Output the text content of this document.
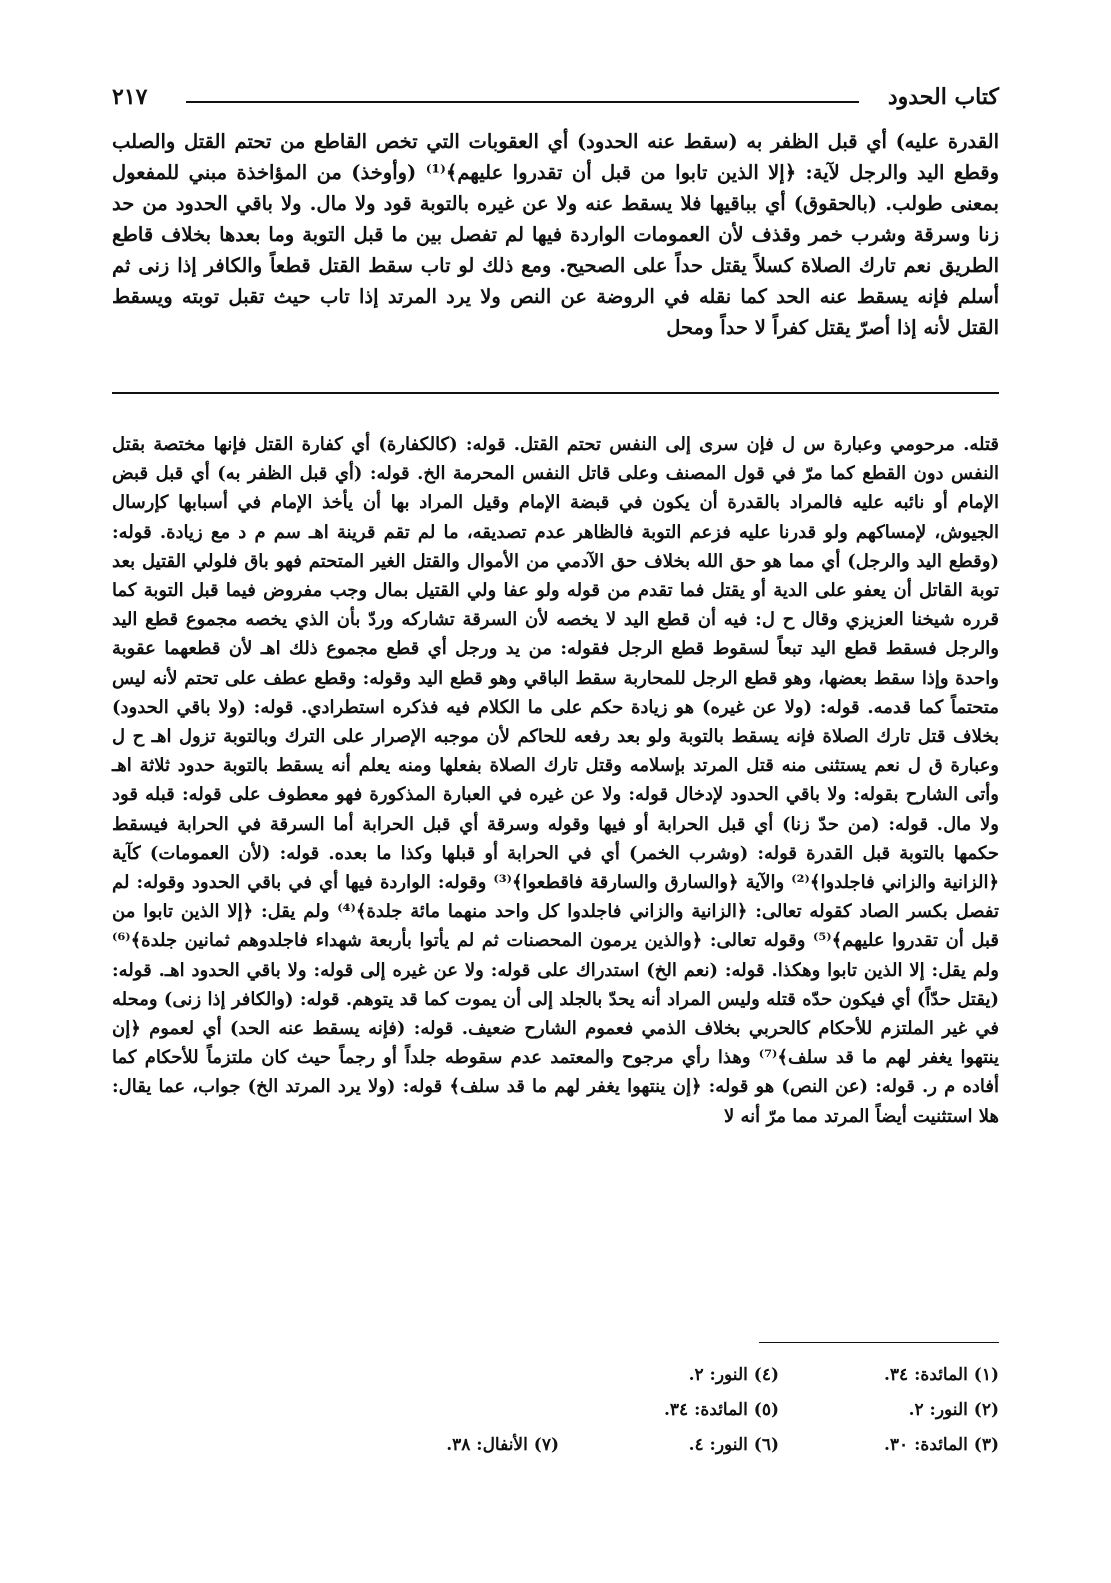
كتاب الحدود
٢١٧

القدرة عليه) أي قبل الظفر به (سقط عنه الحدود) أي العقوبات التي تخص القاطع من تحتم القتل والصلب وقطع اليد والرجل لآية: ﴿إلا الذين تابوا من قبل أن تقدروا عليهم﴾⁽¹⁾ (وأوخذ) من المؤاخذة مبني للمفعول بمعنى طولب. (بالحقوق) أي بباقيها فلا يسقط عنه ولا عن غيره بالتوبة قود ولا مال. ولا باقي الحدود من حد زنا وسرقة وشرب خمر وقذف لأن العمومات الواردة فيها لم تفصل بين ما قبل التوبة وما بعدها بخلاف قاطع الطريق نعم تارك الصلاة كسلاً يقتل حداً على الصحيح. ومع ذلك لو تاب سقط القتل قطعاً والكافر إذا زنى ثم أسلم فإنه يسقط عنه الحد كما نقله في الروضة عن النص ولا يرد المرتد إذا تاب حيث تقبل توبته ويسقط القتل لأنه إذا أصرّ يقتل كفراً لا حداً ومحل

قتله. مرحومي وعبارة س ل فإن سرى إلى النفس تحتم القتل. قوله: (كالكفارة) أي كفارة القتل فإنها مختصة بقتل النفس دون القطع كما مرّ في قول المصنف وعلى قاتل النفس المحرمة الخ. قوله: (أي قبل الظفر به) أي قبل قبض الإمام أو نائبه عليه فالمراد بالقدرة أن يكون في قبضة الإمام وقيل المراد بها أن يأخذ الإمام في أسبابها كإرسال الجيوش، لإمساكهم ولو قدرنا عليه فزعم التوبة فالظاهر عدم تصديقه، ما لم تقم قرينة اهـ سم م د مع زيادة. قوله: (وقطع اليد والرجل) أي مما هو حق الله بخلاف حق الآدمي من الأموال والقتل الغير المتحتم فهو باق فلولي القتيل بعد توبة القاتل أن يعفو على الدية أو يقتل فما تقدم من قوله ولو عفا ولي القتيل بمال وجب مفروض فيما قبل التوبة كما قرره شيخنا العزيزي وقال ح ل: فيه أن قطع اليد لا يخصه لأن السرقة تشاركه وردّ بأن الذي يخصه مجموع قطع اليد والرجل فسقط قطع اليد تبعاً لسقوط قطع الرجل فقوله: من يد ورجل أي قطع مجموع ذلك اهـ لأن قطعهما عقوبة واحدة وإذا سقط بعضها، وهو قطع الرجل للمحاربة سقط الباقي وهو قطع اليد وقوله: وقطع عطف على تحتم لأنه ليس متحتماً كما قدمه. قوله: (ولا عن غيره) هو زيادة حكم على ما الكلام فيه فذكره استطرادي. قوله: (ولا باقي الحدود) بخلاف قتل تارك الصلاة فإنه يسقط بالتوبة ولو بعد رفعه للحاكم لأن موجبه الإصرار على الترك وبالتوبة تزول اهـ ح ل وعبارة ق ل نعم يستثنى منه قتل المرتد بإسلامه وقتل تارك الصلاة بفعلها ومنه يعلم أنه يسقط بالتوبة حدود ثلاثة اهـ وأتى الشارح بقوله: ولا باقي الحدود لإدخال قوله: ولا عن غيره في العبارة المذكورة فهو معطوف على قوله: قبله قود ولا مال. قوله: (من حدّ زنا) أي قبل الحرابة أو فيها وقوله وسرقة أي قبل الحرابة أما السرقة في الحرابة فيسقط حكمها بالتوبة قبل القدرة قوله: (وشرب الخمر) أي في الحرابة أو قبلها وكذا ما بعده. قوله: (لأن العمومات) كآية ﴿الزانية والزاني فاجلدوا﴾⁽²⁾ والآية ﴿والسارق والسارقة فاقطعوا﴾⁽³⁾ وقوله: الواردة فيها أي في باقي الحدود وقوله: لم تفصل بكسر الصاد كقوله تعالى: ﴿الزانية والزاني فاجلدوا كل واحد منهما مائة جلدة﴾⁽⁴⁾ ولم يقل: ﴿إلا الذين تابوا من قبل أن تقدروا عليهم﴾⁽⁵⁾ وقوله تعالى: ﴿والذين يرمون المحصنات ثم لم يأتوا بأربعة شهداء فاجلدوهم ثمانين جلدة﴾⁽⁶⁾ ولم يقل: إلا الذين تابوا وهكذا. قوله: (نعم الخ) استدراك على قوله: ولا عن غيره إلى قوله: ولا باقي الحدود اهـ. قوله: (يقتل حدّاً) أي فيكون حدّه قتله وليس المراد أنه يحدّ بالجلد إلى أن يموت كما قد يتوهم. قوله: (والكافر إذا زنى) ومحله في غير الملتزم للأحكام كالحربي بخلاف الذمي فعموم الشارح ضعيف. قوله: (فإنه يسقط عنه الحد) أي لعموم ﴿إن ينتهوا يغفر لهم ما قد سلف﴾⁽⁷⁾ وهذا رأي مرجوح والمعتمد عدم سقوطه جلداً أو رجماً حيث كان ملتزماً للأحكام كما أفاده م ر. قوله: (عن النص) هو قوله: ﴿إن ينتهوا يغفر لهم ما قد سلف﴾ قوله: (ولا يرد المرتد الخ) جواب، عما يقال: هلا استثنيت أيضاً المرتد مما مرّ أنه لا

(١) المائدة: ٣٤.
(٤) النور: ٢.
(٢) النور: ٢.
(٥) المائدة: ٣٤.
(٣) المائدة: ٣٠.
(٦) النور: ٤.
(٧) الأنفال: ٣٨.
